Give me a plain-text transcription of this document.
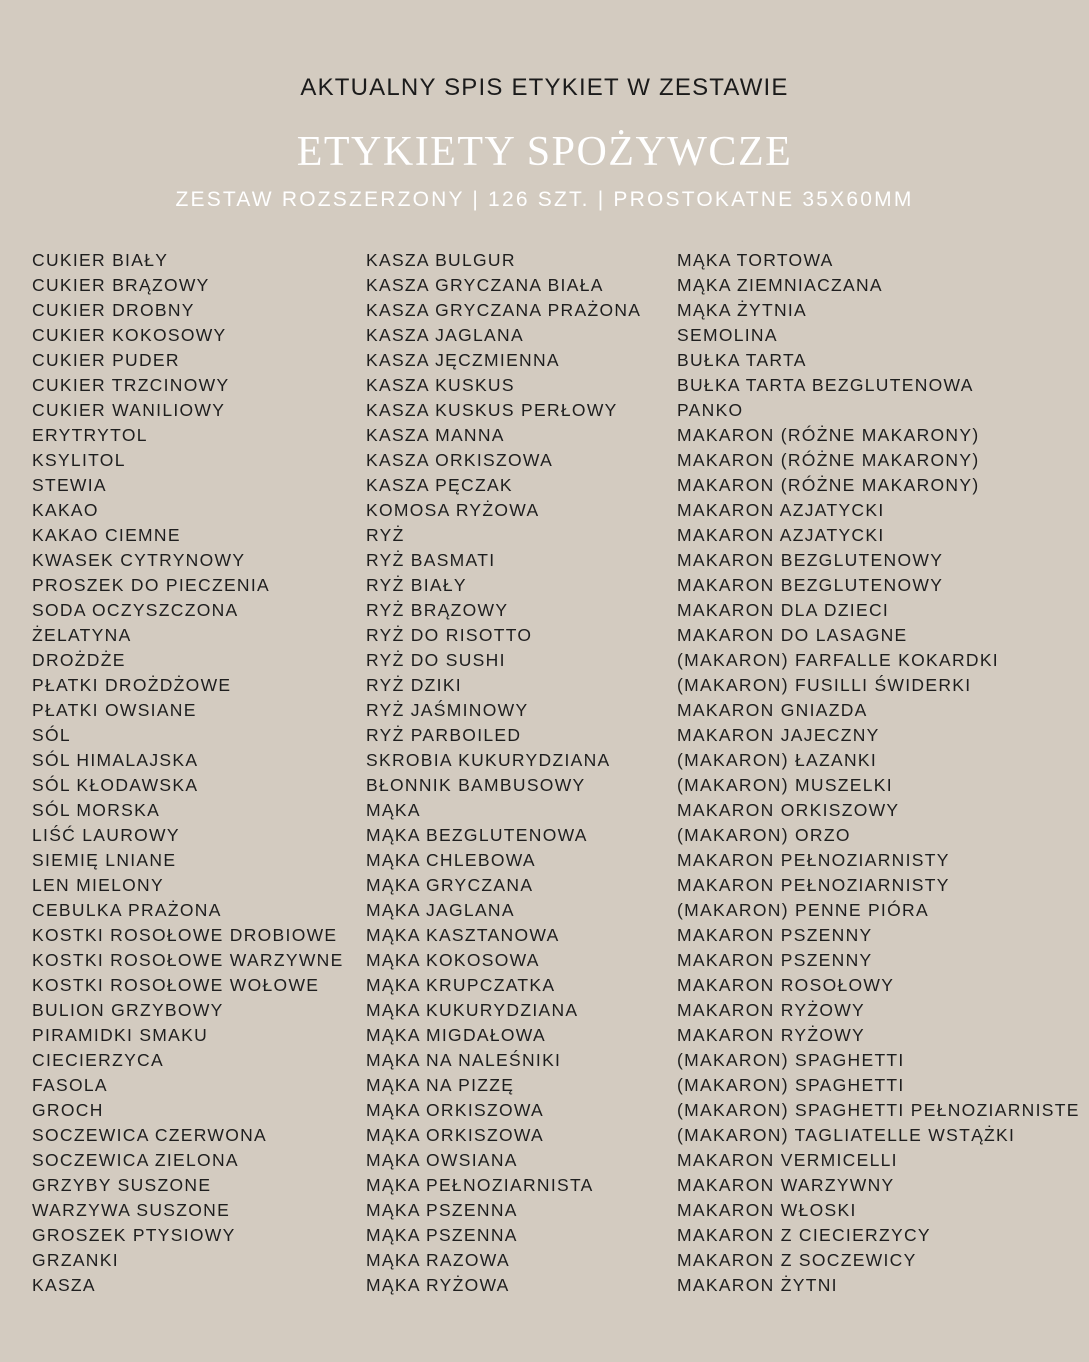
AKTUALNY SPIS ETYKIET W ZESTAWIE
ETYKIETY SPOŻYWCZE
ZESTAW ROZSZERZONY | 126 SZT. | PROSTOKATNE 35X60MM
CUKIER BIAŁY
CUKIER BRĄZOWY
CUKIER DROBNY
CUKIER KOKOSOWY
CUKIER PUDER
CUKIER TRZCINOWY
CUKIER WANILIOWY
ERYTRYTOL
KSYLITOL
STEWIA
KAKAO
KAKAO CIEMNE
KWASEK CYTRYNOWY
PROSZEK DO PIECZENIA
SODA OCZYSZCZONA
ŻELATYNA
DROŻDŻE
PŁATKI DROŻDŻOWE
PŁATKI OWSIANE
SÓL
SÓL HIMALAJSKA
SÓL KŁODAWSKA
SÓL MORSKA
LIŚĆ LAUROWY
SIEMIĘ LNIANE
LEN MIELONY
CEBULKA PRAŻONA
KOSTKI ROSOŁOWE DROBIOWE
KOSTKI ROSOŁOWE WARZYWNE
KOSTKI ROSOŁOWE WOŁOWE
BULION GRZYBOWY
PIRAMIDKI SMAKU
CIECIERZYCA
FASOLA
GROCH
SOCZEWICA CZERWONA
SOCZEWICA ZIELONA
GRZYBY SUSZONE
WARZYWA SUSZONE
GROSZEK PTYSIOWY
GRZANKI
KASZA
KASZA BULGUR
KASZA GRYCZANA BIAŁA
KASZA GRYCZANA PRAŻONA
KASZA JAGLANA
KASZA JĘCZMIENNA
KASZA KUSKUS
KASZA KUSKUS PERŁOWY
KASZA MANNA
KASZA ORKISZOWA
KASZA PĘCZAK
KOMOSA RYŻOWA
RYŻ
RYŻ BASMATI
RYŻ BIAŁY
RYŻ BRĄZOWY
RYŻ DO RISOTTO
RYŻ DO SUSHI
RYŻ DZIKI
RYŻ JAŚMINOWY
RYŻ PARBOILED
SKROBIA KUKURYDZIANA
BŁONNIK BAMBUSOWY
MĄKA
MĄKA BEZGLUTENOWA
MĄKA CHLEBOWA
MĄKA GRYCZANA
MĄKA JAGLANA
MĄKA KASZTANOWA
MĄKA KOKOSOWA
MĄKA KRUPCZATKA
MĄKA KUKURYDZIANA
MĄKA MIGDAŁOWA
MĄKA NA NALEŚNIKI
MĄKA NA PIZZĘ
MĄKA ORKISZOWA
MĄKA ORKISZOWA
MĄKA OWSIANA
MĄKA PEŁNOZIARNISTA
MĄKA PSZENNA
MĄKA PSZENNA
MĄKA RAZOWA
MĄKA RYŻOWA
MĄKA TORTOWA
MĄKA ZIEMNIACZANA
MĄKA ŻYTNIA
SEMOLINA
BUŁKA TARTA
BUŁKA TARTA BEZGLUTENOWA
PANKO
MAKARON (RÓŻNE MAKARONY)
MAKARON (RÓŻNE MAKARONY)
MAKARON (RÓŻNE MAKARONY)
MAKARON AZJATYCKI
MAKARON AZJATYCKI
MAKARON BEZGLUTENOWY
MAKARON BEZGLUTENOWY
MAKARON DLA DZIECI
MAKARON DO LASAGNE
(MAKARON) FARFALLE KOKARDKI
(MAKARON) FUSILLI ŚWIDERKI
MAKARON GNIAZDA
MAKARON JAJECZNY
(MAKARON) ŁAZANKI
(MAKARON) MUSZELKI
MAKARON ORKISZOWY
(MAKARON) ORZO
MAKARON PEŁNOZIARNISTY
MAKARON PEŁNOZIARNISTY
(MAKARON) PENNE PIÓRA
MAKARON PSZENNY
MAKARON PSZENNY
MAKARON ROSOŁOWY
MAKARON RYŻOWY
MAKARON RYŻOWY
(MAKARON) SPAGHETTI
(MAKARON) SPAGHETTI
(MAKARON) SPAGHETTI PEŁNOZIARNISTE
(MAKARON) TAGLIATELLE WSTĄŻKI
MAKARON VERMICELLI
MAKARON WARZYWNY
MAKARON WŁOSKI
MAKARON Z CIECIERZYCY
MAKARON Z SOCZEWICY
MAKARON ŻYTNI
